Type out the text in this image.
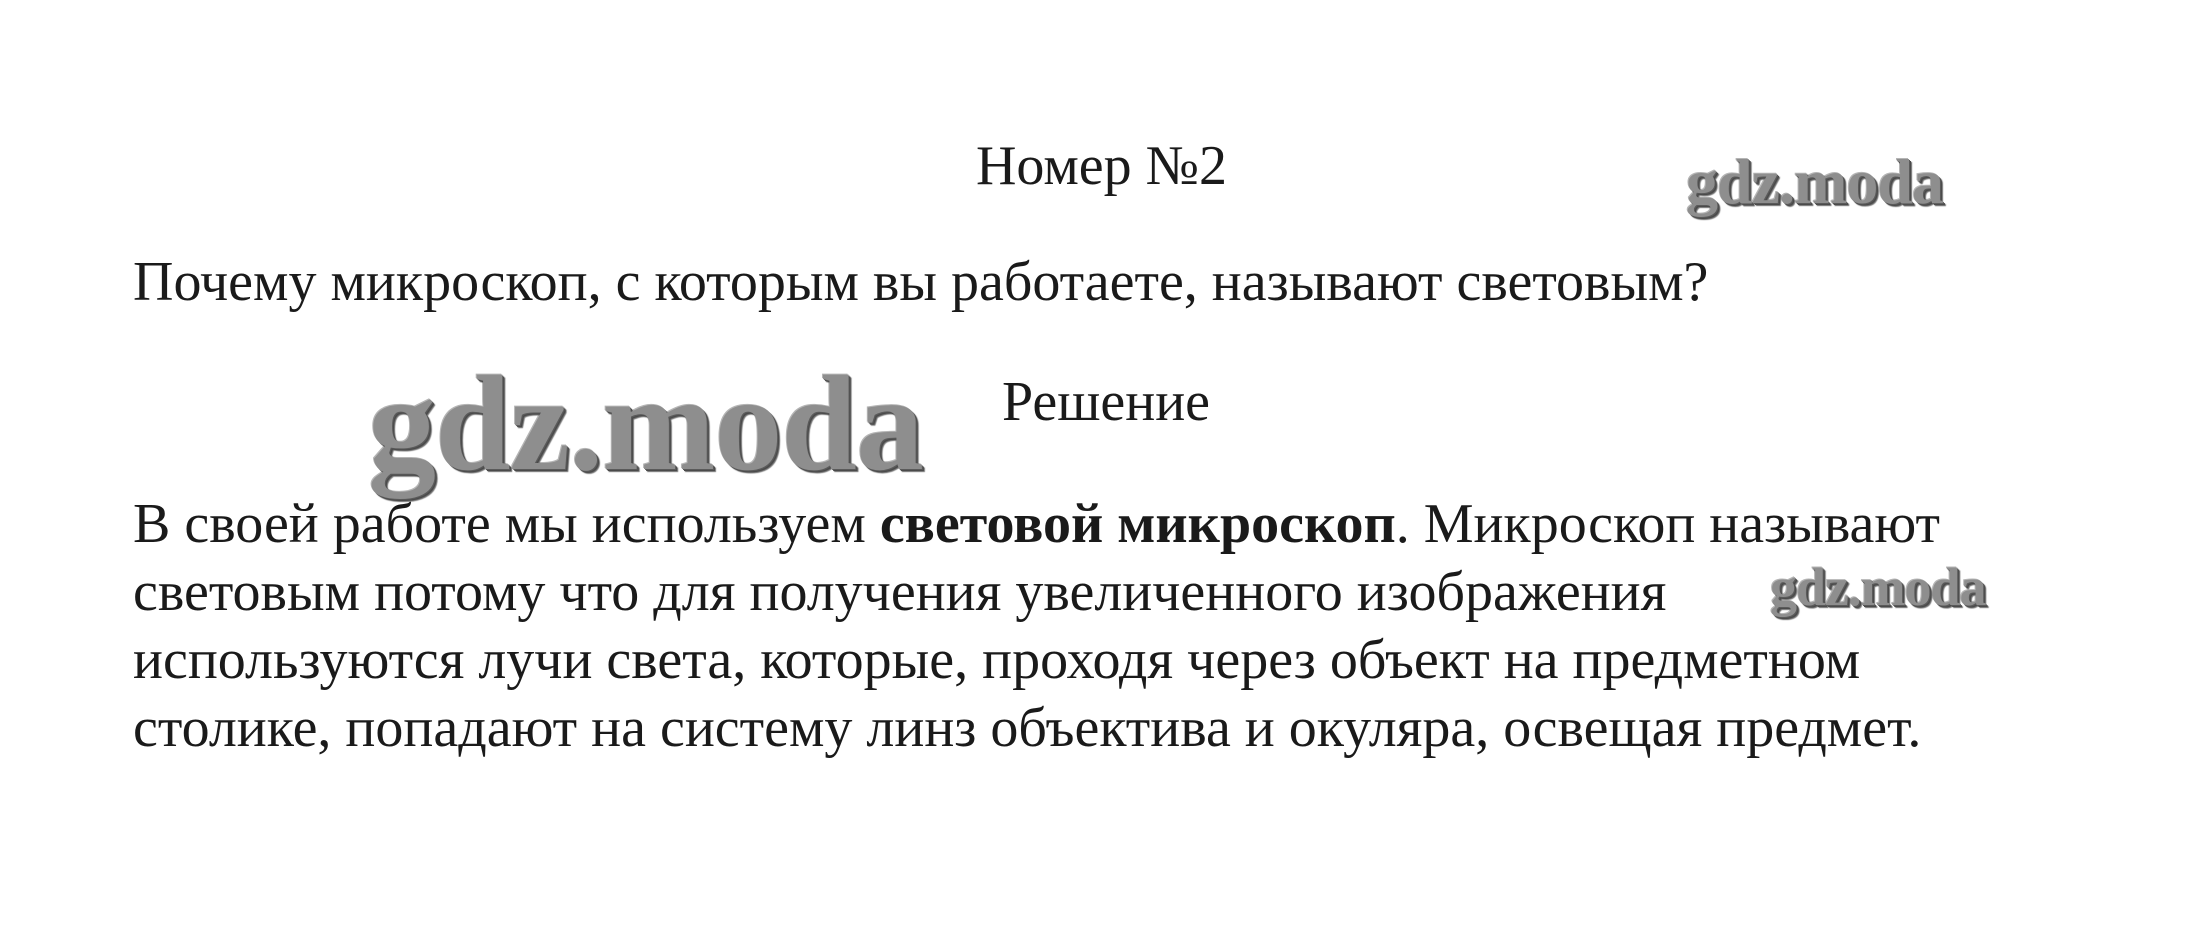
Номер №2	gdz.moda
Почему микроскоп, с которым вы работаете, называют световым?
gdz.moda Решение
В своей работе мы используем световой микроскоп. Микроскоп называют
световым потому что для получения увеличенного изображения
используются лучи света, которые, проходя через объект на предметном
столике, попадают на систему линз объектива и окуляра, освещая предмет.
gdz.moda
